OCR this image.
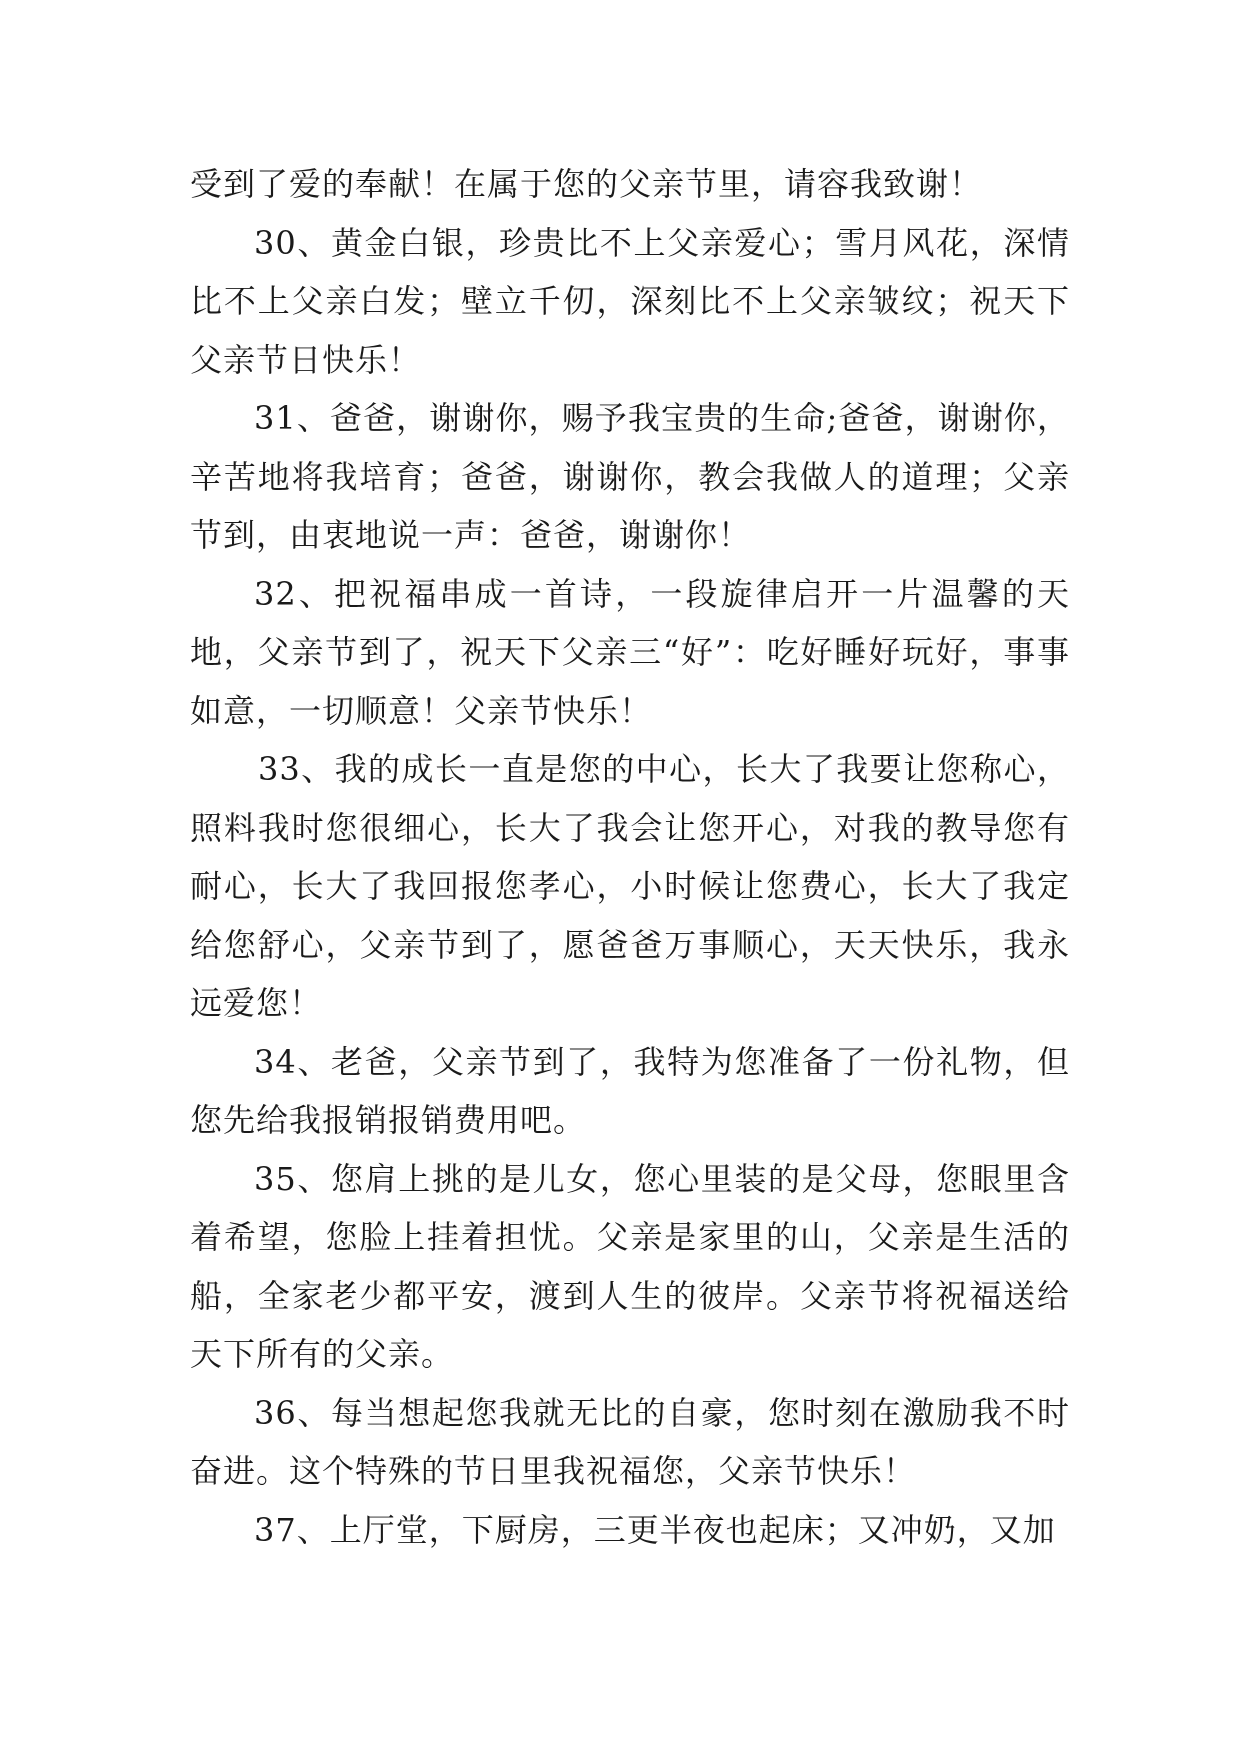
受到了爱的奉献！在属于您的父亲节里，请容我致谢！

30、黄金白银，珍贵比不上父亲爱心；雪月风花，深情比不上父亲白发；壁立千仞，深刻比不上父亲皱纹；祝天下父亲节日快乐！

31、爸爸，谢谢你，赐予我宝贵的生命;爸爸，谢谢你，辛苦地将我培育；爸爸，谢谢你，教会我做人的道理；父亲节到，由衷地说一声：爸爸，谢谢你！

32、把祝福串成一首诗，一段旋律启开一片温馨的天地，父亲节到了，祝天下父亲三“好”：吃好睡好玩好，事事如意，一切顺意！父亲节快乐！

33、我的成长一直是您的中心，长大了我要让您称心，照料我时您很细心，长大了我会让您开心，对我的教导您有耐心，长大了我回报您孝心，小时候让您费心，长大了我定给您舒心，父亲节到了，愿爸爸万事顺心，天天快乐，我永远爱您！

34、老爸，父亲节到了，我特为您准备了一份礼物，但您先给我报销报销费用吧。

35、您肩上挑的是儿女，您心里装的是父母，您眼里含着希望，您脸上挂着担忧。父亲是家里的山，父亲是生活的船，全家老少都平安，渡到人生的彼岸。父亲节将祝福送给天下所有的父亲。

36、每当想起您我就无比的自豪，您时刻在激励我不时奋进。这个特殊的节日里我祝福您，父亲节快乐！

37、上厅堂，下厨房，三更半夜也起床；又冲奶，又加
